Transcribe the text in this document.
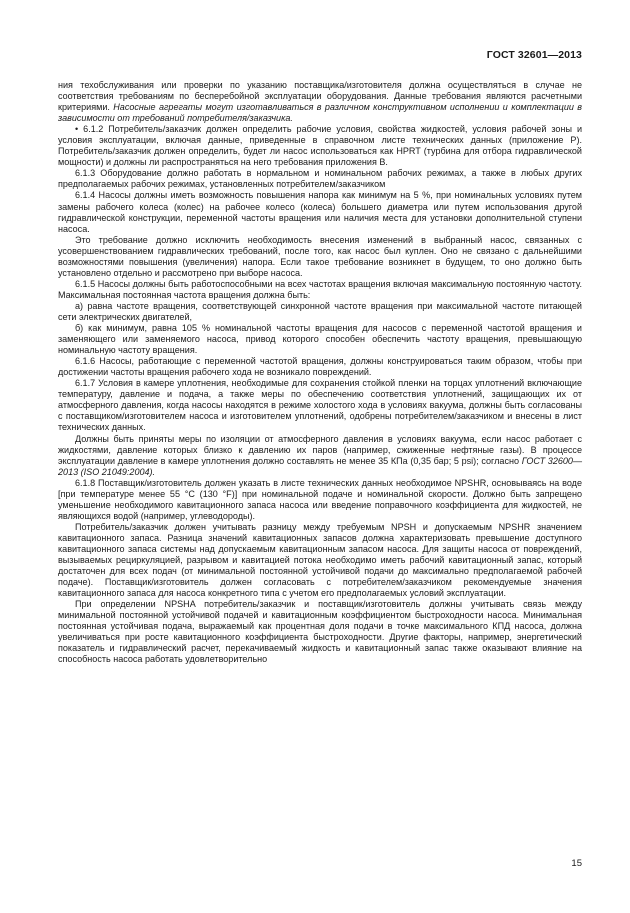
ГОСТ 32601—2013

ния техобслуживания или проверки по указанию поставщика/изготовителя должна осуществляться в случае не соответствия требованиям по бесперебойной эксплуатации оборудования. Данные требования являются расчетными критериями. Насосные агрегаты могут изготавливаться в различном конструктивном исполнении и комплектации в зависимости от требований потребителя/заказчика.

• 6.1.2 Потребитель/заказчик должен определить рабочие условия, свойства жидкостей, условия рабочей зоны и условия эксплуатации, включая данные, приведенные в справочном листе технических данных (приложение Р). Потребитель/заказчик должен определить, будет ли насос использоваться как HPRT (турбина для отбора гидравлической мощности) и должны ли распространяться на него требования приложения В.

6.1.3 Оборудование должно работать в нормальном и номинальном рабочих режимах, а также в любых других предполагаемых рабочих режимах, установленных потребителем/заказчиком

6.1.4 Насосы должны иметь возможность повышения напора как минимум на 5 %, при номинальных условиях путем замены рабочего колеса (колес) на рабочее колесо (колеса) большего диаметра или путем использования другой гидравлической конструкции, переменной частоты вращения или наличия места для установки дополнительной ступени насоса.

Это требование должно исключить необходимость внесения изменений в выбранный насос, связанных с усовершенствованием гидравлических требований, после того, как насос был куплен. Оно не связано с дальнейшими возможностями повышения (увеличения) напора. Если такое требование возникнет в будущем, то оно должно быть установлено отдельно и рассмотрено при выборе насоса.

6.1.5 Насосы должны быть работоспособными на всех частотах вращения включая максимальную постоянную частоту. Максимальная постоянная частота вращения должна быть:

а) равна частоте вращения, соответствующей синхронной частоте вращения при максимальной частоте питающей сети электрических двигателей,

б) как минимум, равна 105 % номинальной частоты вращения для насосов с переменной частотой вращения и заменяющего или заменяемого насоса, привод которого способен обеспечить частоту вращения, превышающую номинальную частоту вращения.

6.1.6 Насосы, работающие с переменной частотой вращения, должны конструироваться таким образом, чтобы при достижении частоты вращения рабочего хода не возникало повреждений.

6.1.7 Условия в камере уплотнения, необходимые для сохранения стойкой пленки на торцах уплотнений включающие температуру, давление и подача, а также меры по обеспечению соответствия уплотнений, защищающих их от атмосферного давления, когда насосы находятся в режиме холостого хода в условиях вакуума, должны быть согласованы с поставщиком/изготовителем насоса и изготовителем уплотнений, одобрены потребителем/заказчиком и внесены в лист технических данных.

Должны быть приняты меры по изоляции от атмосферного давления в условиях вакуума, если насос работает с жидкостями, давление которых близко к давлению их паров (например, сжиженные нефтяные газы). В процессе эксплуатации давление в камере уплотнения должно составлять не менее 35 КПа (0,35 бар; 5 psi); согласно ГОСТ 32600—2013 (ISO 21049:2004).

6.1.8 Поставщик/изготовитель должен указать в листе технических данных необходимое NPSHR, основываясь на воде [при температуре менее 55 °С (130 °F)] при номинальной подаче и номинальной скорости. Должно быть запрещено уменьшение необходимого кавитационного запаса насоса или введение поправочного коэффициента для жидкостей, не являющихся водой (например, углеводороды).

Потребитель/заказчик должен учитывать разницу между требуемым NPSH и допускаемым NPSHR значением кавитационного запаса. Разница значений кавитационных запасов должна характеризовать превышение доступного кавитационного запаса системы над допускаемым кавитационным запасом насоса. Для защиты насоса от повреждений, вызываемых рециркуляцией, разрывом и кавитацией потока необходимо иметь рабочий кавитационный запас, который достаточен для всех подач (от минимальной постоянной устойчивой подачи до максимально предполагаемой рабочей подаче). Поставщик/изготовитель должен согласовать с потребителем/заказчиком рекомендуемые значения кавитационного запаса для насоса конкретного типа с учетом его предполагаемых условий эксплуатации.

При определении NPSHA потребитель/заказчик и поставщик/изготовитель должны учитывать связь между минимальной постоянной устойчивой подачей и кавитационным коэффициентом быстроходности насоса. Минимальная постоянная устойчивая подача, выражаемый как процентная доля подачи в точке максимального КПД насоса, должна увеличиваться при росте кавитационного коэффициента быстроходности. Другие факторы, например, энергетический показатель и гидравлический расчет, перекачиваемый жидкость и кавитационный запас также оказывают влияние на способность насоса работать удовлетворительно

15
